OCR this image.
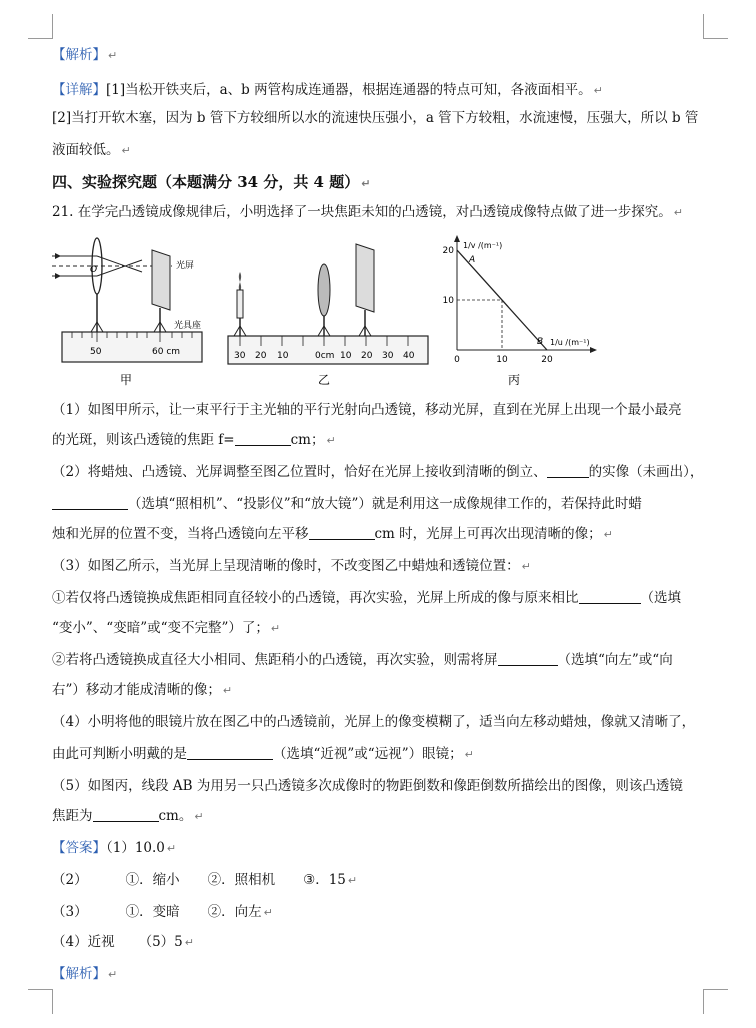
【解析】 ↵
【详解】[1]当松开铁夹后，a、b 两管构成连通器，根据连通器的特点可知，各液面相平。 ↵
[2]当打开软木塞，因为 b 管下方较细所以水的流速快压强小，a 管下方较粗，水流速慢，压强大，所以 b 管
液面较低。 ↵
四、实验探究题（本题满分 34 分，共 4 题） ↵
21. 在学完凸透镜成像规律后，小明选择了一块焦距未知的凸透镜，对凸透镜成像特点做了进一步探究。 ↵
O	光屏
光具座
50	60 cm
甲
30 20 10	0cm 10 20 30 40
乙
1/v /(m⁻¹)
1/u /(m⁻¹)
20
10
0	10	20
A
B
丙
（1）如图甲所示，让一束平行于主光轴的平行光射向凸透镜，移动光屏，直到在光屏上出现一个最小最亮
的光斑，则该凸透镜的焦距 f=	cm； ↵
（2）将蜡烛、凸透镜、光屏调整至图乙位置时，恰好在光屏上接收到清晰的倒立、	的实像（未画出），
（选填“照相机”、“投影仪”和“放大镜”）就是利用这一成像规律工作的，若保持此时蜡
烛和光屏的位置不变，当将凸透镜向左平移	cm 时，光屏上可再次出现清晰的像； ↵
（3）如图乙所示，当光屏上呈现清晰的像时，不改变图乙中蜡烛和透镜位置： ↵
①若仅将凸透镜换成焦距相同直径较小的凸透镜，再次实验，光屏上所成的像与原来相比	（选填
“变小”、“变暗”或“变不完整”）了； ↵
②若将凸透镜换成直径大小相同、焦距稍小的凸透镜，再次实验，则需将屏	（选填“向左”或“向
右”）移动才能成清晰的像； ↵
（4）小明将他的眼镜片放在图乙中的凸透镜前，光屏上的像变模糊了，适当向左移动蜡烛，像就又清晰了，
由此可判断小明戴的是	（选填“近视”或“远视”）眼镜； ↵
（5）如图丙，线段 AB 为用另一只凸透镜多次成像时的物距倒数和像距倒数所描绘出的图像，则该凸透镜
焦距为	cm。 ↵
【答案】（1）10.0 ↵
（2）	①．缩小 ②．照相机 ③．15 ↵
（3）	①．变暗 ②．向左 ↵
（4）近视 （5）5 ↵
【解析】 ↵
